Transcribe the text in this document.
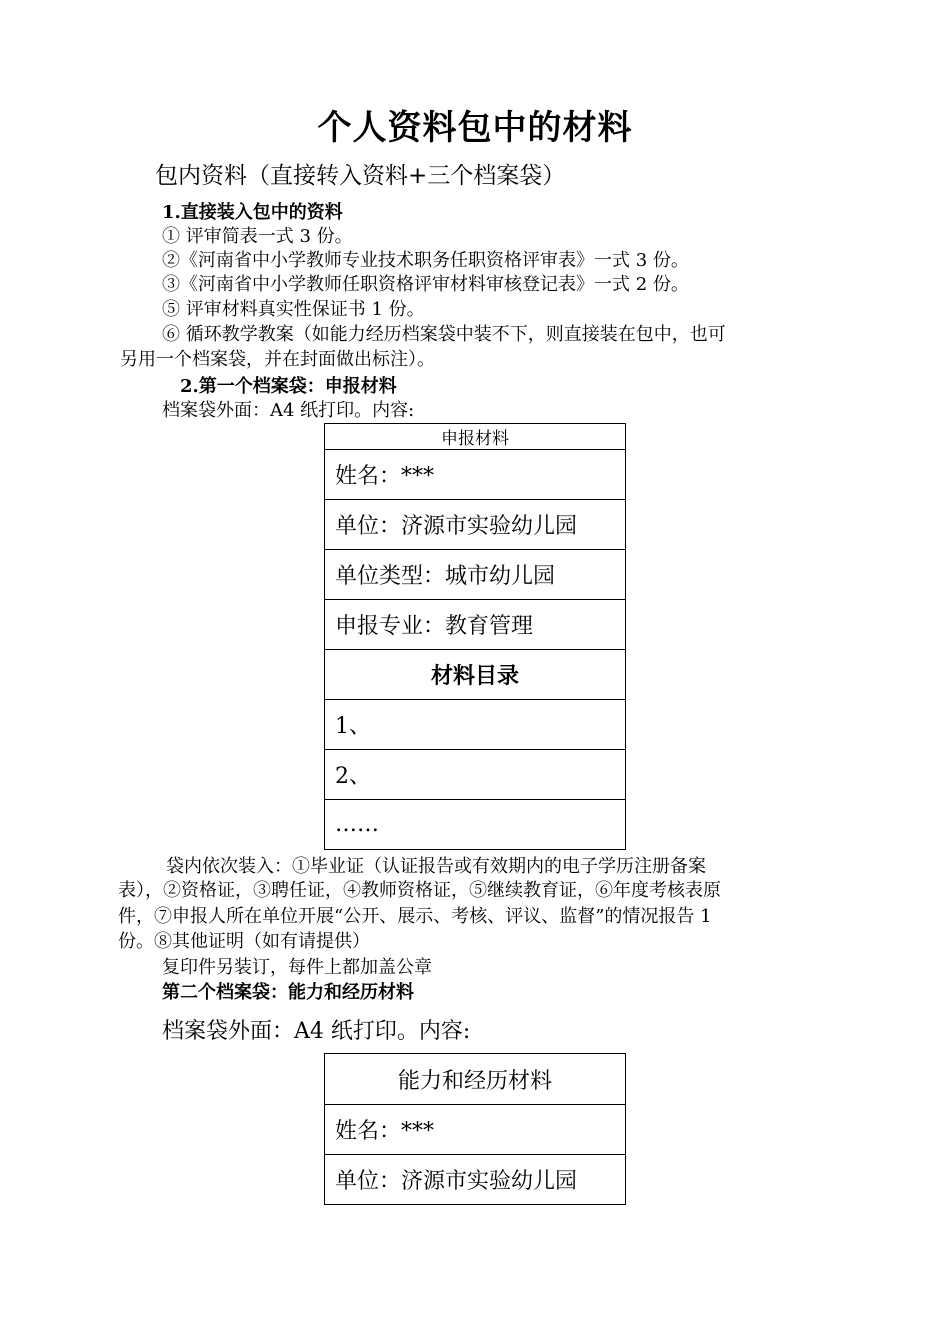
个人资料包中的材料
包内资料（直接转入资料+三个档案袋）
1.直接装入包中的资料
① 评审简表一式 3 份。
②《河南省中小学教师专业技术职务任职资格评审表》一式 3 份。
③《河南省中小学教师任职资格评审材料审核登记表》一式 2 份。
⑤ 评审材料真实性保证书 1 份。
⑥ 循环教学教案（如能力经历档案袋中装不下，则直接装在包中，也可
另用一个档案袋，并在封面做出标注）。
2.第一个档案袋：申报材料
档案袋外面：A4 纸打印。内容:
申报材料
姓名：***
单位：济源市实验幼儿园
单位类型：城市幼儿园
申报专业：教育管理
材料目录
1、
2、
……
袋内依次装入：①毕业证（认证报告或有效期内的电子学历注册备案
表），②资格证，③聘任证，④教师资格证，⑤继续教育证，⑥年度考核表原
件，⑦申报人所在单位开展“公开、展示、考核、评议、监督”的情况报告 1
份。⑧其他证明（如有请提供）
复印件另装订，每件上都加盖公章
第二个档案袋：能力和经历材料
档案袋外面：A4 纸打印。内容:
能力和经历材料
姓名：***
单位：济源市实验幼儿园
